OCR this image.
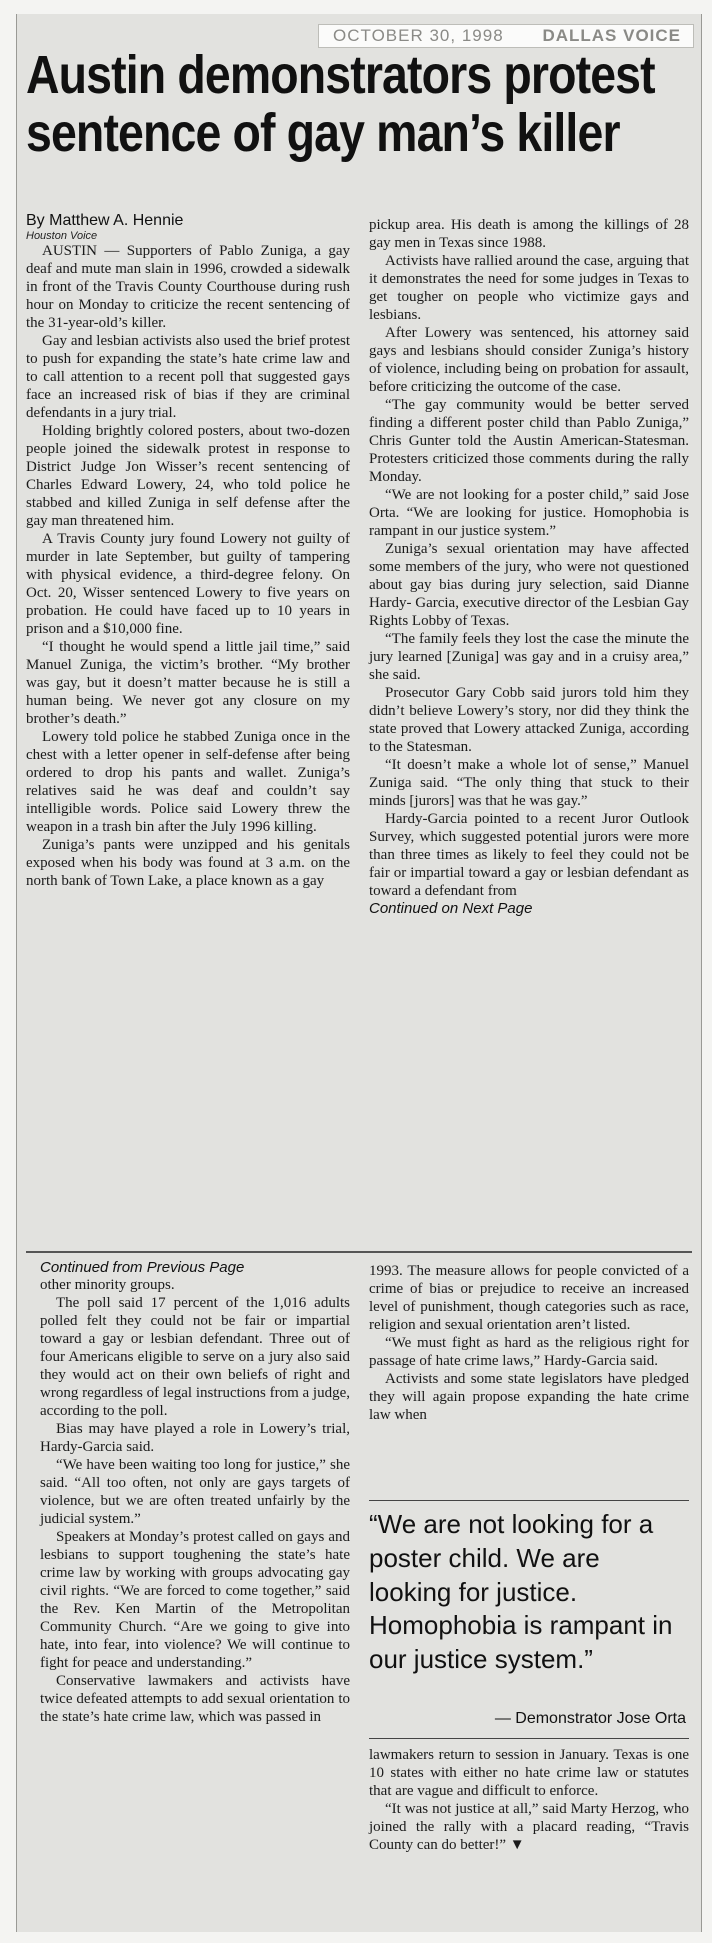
OCTOBER 30, 1998 DALLAS VOICE
Austin demonstrators protest
sentence of gay man’s killer

By Matthew A. Hennie

Houston Voice

AUSTIN — Supporters of Pablo Zuniga, a gay deaf and mute man slain in 1996, crowded a sidewalk in front of the Travis County Courthouse during rush hour on Monday to criticize the recent sentencing of the 31-year-old’s killer.

Gay and lesbian activists also used the brief protest to push for expanding the state’s hate crime law and to call attention to a recent poll that suggested gays face an increased risk of bias if they are criminal defendants in a jury trial.

Holding brightly colored posters, about two-dozen people joined the sidewalk protest in response to District Judge Jon Wisser’s recent sentencing of Charles Edward Lowery, 24, who told police he stabbed and killed Zuniga in self defense after the gay man threatened him.

A Travis County jury found Lowery not guilty of murder in late September, but guilty of tampering with physical evidence, a third-degree felony. On Oct. 20, Wisser sentenced Lowery to five years on probation. He could have faced up to 10 years in prison and a $10,000 fine.

“I thought he would spend a little jail time,” said Manuel Zuniga, the victim’s brother. “My brother was gay, but it doesn’t matter because he is still a human being. We never got any closure on my brother’s death.”

Lowery told police he stabbed Zuniga once in the chest with a letter opener in self-defense after being ordered to drop his pants and wallet. Zuniga’s relatives said he was deaf and couldn’t say intelligible words. Police said Lowery threw the weapon in a trash bin after the July 1996 killing.

Zuniga’s pants were unzipped and his genitals exposed when his body was found at 3 a.m. on the north bank of Town Lake, a place known as a gay

pickup area. His death is among the killings of 28 gay men in Texas since 1988.

Activists have rallied around the case, arguing that it demonstrates the need for some judges in Texas to get tougher on people who victimize gays and lesbians.

After Lowery was sentenced, his attorney said gays and lesbians should consider Zuniga’s history of violence, including being on probation for assault, before criticizing the outcome of the case.

“The gay community would be better served finding a different poster child than Pablo Zuniga,” Chris Gunter told the Austin American-Statesman. Protesters criticized those comments during the rally Monday.

“We are not looking for a poster child,” said Jose Orta. “We are looking for justice. Homophobia is rampant in our justice system.”

Zuniga’s sexual orientation may have affected some members of the jury, who were not questioned about gay bias during jury selection, said Dianne Hardy- Garcia, executive director of the Lesbian Gay Rights Lobby of Texas.

“The family feels they lost the case the minute the jury learned [Zuniga] was gay and in a cruisy area,” she said.

Prosecutor Gary Cobb said jurors told him they didn’t believe Lowery’s story, nor did they think the state proved that Lowery attacked Zuniga, according to the Statesman.

“It doesn’t make a whole lot of sense,” Manuel Zuniga said. “The only thing that stuck to their minds [jurors] was that he was gay.”

Hardy-Garcia pointed to a recent Juror Outlook Survey, which suggested potential jurors were more than three times as likely to feel they could not be fair or impartial toward a gay or lesbian defendant as toward a defendant from

Continued on Next Page

Continued from Previous Page

other minority groups.

The poll said 17 percent of the 1,016 adults polled felt they could not be fair or impartial toward a gay or lesbian defendant. Three out of four Americans eligible to serve on a jury also said they would act on their own beliefs of right and wrong regardless of legal instructions from a judge, according to the poll.

Bias may have played a role in Lowery’s trial, Hardy-Garcia said.

“We have been waiting too long for justice,” she said. “All too often, not only are gays targets of violence, but we are often treated unfairly by the judicial system.”

Speakers at Monday’s protest called on gays and lesbians to support toughening the state’s hate crime law by working with groups advocating gay civil rights. “We are forced to come together,” said the Rev. Ken Martin of the Metropolitan Community Church. “Are we going to give into hate, into fear, into violence? We will continue to fight for peace and understanding.”

Conservative lawmakers and activists have twice defeated attempts to add sexual orientation to the state’s hate crime law, which was passed in

1993. The measure allows for people convicted of a crime of bias or prejudice to receive an increased level of punishment, though categories such as race, religion and sexual orientation aren’t listed.

“We must fight as hard as the religious right for passage of hate crime laws,” Hardy-Garcia said.

Activists and some state legislators have pledged they will again propose expanding the hate crime law when

“We are not looking for a poster child. We are looking for justice. Homophobia is rampant in our justice system.”
— Demonstrator Jose Orta

lawmakers return to session in January. Texas is one 10 states with either no hate crime law or statutes that are vague and difficult to enforce.

“It was not justice at all,” said Marty Herzog, who joined the rally with a placard reading, “Travis County can do better!” ▼
